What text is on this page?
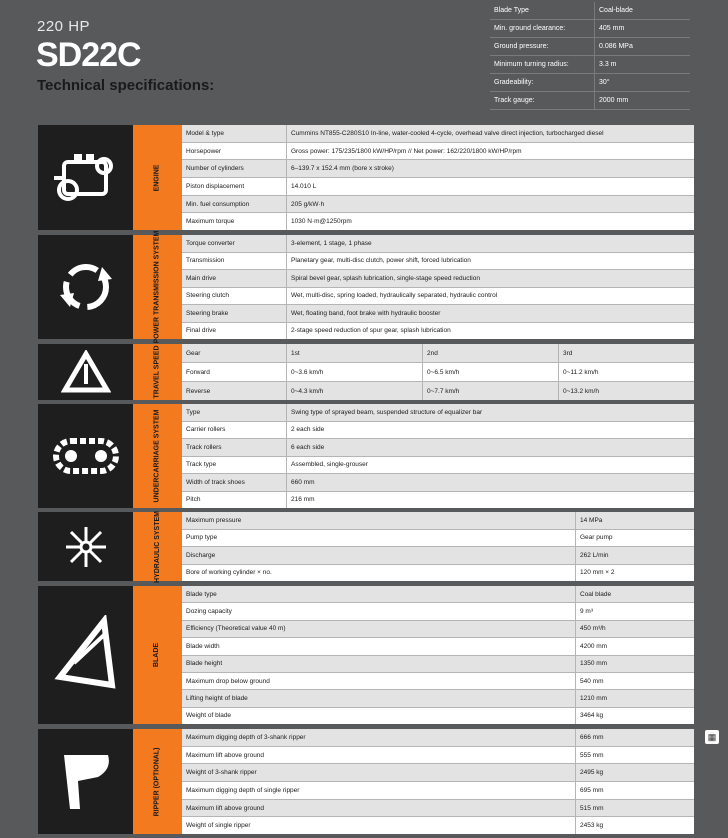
220 HP
SD22C
Technical specifications:
Blade Type	Coal-blade
Min. ground clearance:	405 mm
Ground pressure:	0.086 MPa
Minimum turning radius:	3.3 m
Gradeability:	30°
Track gauge:	2000 mm
ENGINE
Model & type	Cummins NT855-C280S10 In-line, water-cooled 4-cycle, overhead valve direct injection, turbocharged diesel
Horsepower	Gross power: 175/235/1800 kW/HP/rpm // Net power: 162/220/1800 kW/HP/rpm
Number of cylinders	6–139.7 x 152.4 mm (bore x stroke)
Piston displacement	14.010 L
Min. fuel consumption	205 g/kW·h
Maximum torque	1030 N·m@1250rpm
POWER TRANSMISSION SYSTEM	Torque converter	3-element, 1 stage, 1 phase
Transmission	Planetary gear, multi-disc clutch, power shift, forced lubrication
Main drive	Spiral bevel gear, splash lubrication, single-stage speed reduction
Steering clutch	Wet, multi-disc, spring loaded, hydraulically separated, hydraulic control
Steering brake	Wet, floating band, foot brake with hydraulic booster
Final drive	2-stage speed reduction of spur gear, splash lubrication
TRAVEL SPEED	Gear	1st	2nd	3rd
Forward	0~3.6 km/h	0~6.5 km/h	0~11.2 km/h
Reverse	0~4.3 km/h	0~7.7 km/h	0~13.2 km/h
UNDERCARRIAGE SYSTEM	Type	Swing type of sprayed beam, suspended structure of equalizer bar
Carrier rollers	2 each side
Track rollers	6 each side
Track type	Assembled, single-grouser
Width of track shoes	660 mm
Pitch	216 mm
HYDRAULIC SYSTEM	Maximum pressure	14 MPa
Pump type	Gear pump
Discharge	262 L/min
Bore of working cylinder × no.	120 mm × 2
BLADE
Blade type	Coal blade
Dozing capacity	9 m³
Efficiency (Theoretical value 40 m)	450 m³/h
Blade width	4200 mm
Blade height	1350 mm
Maximum drop below ground	540 mm
Lifting height of blade	1210 mm
Weight of blade	3464 kg
RIPPER (OPTIONAL)
Maximum digging depth of 3-shank ripper	666 mm
Maximum lift above ground	555 mm
Weight of 3-shank ripper	2495 kg
Maximum digging depth of single ripper	695 mm
Maximum lift above ground	515 mm
Weight of single ripper	2453 kg
▦
